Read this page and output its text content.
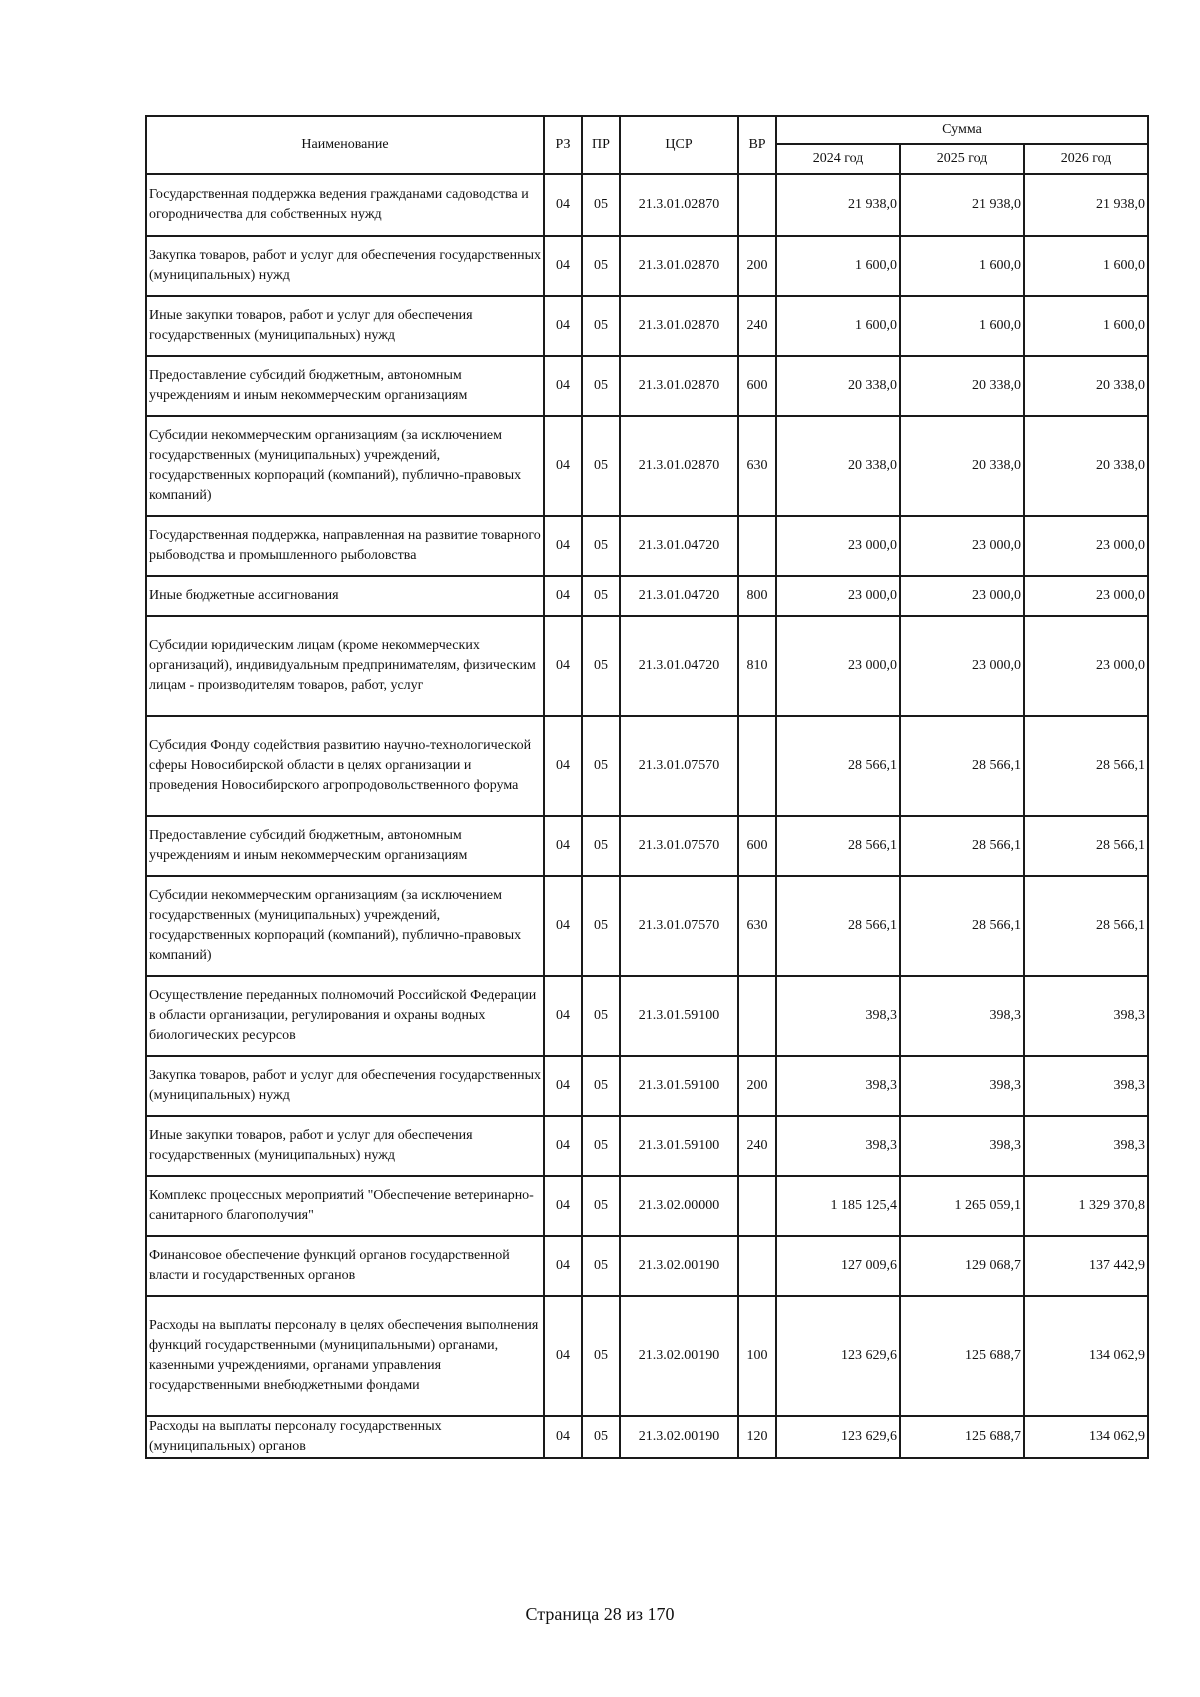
Наименование	РЗ	ПР	ЦСР	ВР	Сумма		
					2024 год	2025 год	2026 год
Государственная поддержка ведения гражданами садоводства и огородничества для собственных нужд	04	05	21.3.01.02870		21 938,0	21 938,0	21 938,0
Закупка товаров, работ и услуг для обеспечения государственных (муниципальных) нужд	04	05	21.3.01.02870	200	1 600,0	1 600,0	1 600,0
Иные закупки товаров, работ и услуг для обеспечения государственных (муниципальных) нужд	04	05	21.3.01.02870	240	1 600,0	1 600,0	1 600,0
Предоставление субсидий бюджетным, автономным учреждениям и иным некоммерческим организациям	04	05	21.3.01.02870	600	20 338,0	20 338,0	20 338,0
Субсидии некоммерческим организациям (за исключением государственных (муниципальных) учреждений, государственных корпораций (компаний), публично-правовых компаний)	04	05	21.3.01.02870	630	20 338,0	20 338,0	20 338,0
Государственная поддержка, направленная на развитие товарного рыбоводства и промышленного рыболовства	04	05	21.3.01.04720		23 000,0	23 000,0	23 000,0
Иные бюджетные ассигнования	04	05	21.3.01.04720	800	23 000,0	23 000,0	23 000,0
Субсидии юридическим лицам (кроме некоммерческих организаций), индивидуальным предпринимателям, физическим лицам - производителям товаров, работ, услуг	04	05	21.3.01.04720	810	23 000,0	23 000,0	23 000,0
Субсидия Фонду содействия развитию научно-технологической сферы Новосибирской области в целях организации и проведения Новосибирского агропродовольственного форума	04	05	21.3.01.07570		28 566,1	28 566,1	28 566,1
Предоставление субсидий бюджетным, автономным учреждениям и иным некоммерческим организациям	04	05	21.3.01.07570	600	28 566,1	28 566,1	28 566,1
Субсидии некоммерческим организациям (за исключением государственных (муниципальных) учреждений, государственных корпораций (компаний), публично-правовых компаний)	04	05	21.3.01.07570	630	28 566,1	28 566,1	28 566,1
Осуществление переданных полномочий Российской Федерации в области организации, регулирования и охраны водных биологических ресурсов	04	05	21.3.01.59100		398,3	398,3	398,3
Закупка товаров, работ и услуг для обеспечения государственных (муниципальных) нужд	04	05	21.3.01.59100	200	398,3	398,3	398,3
Иные закупки товаров, работ и услуг для обеспечения государственных (муниципальных) нужд	04	05	21.3.01.59100	240	398,3	398,3	398,3
Комплекс процессных мероприятий "Обеспечение ветеринарно-санитарного благополучия"	04	05	21.3.02.00000		1 185 125,4	1 265 059,1	1 329 370,8
Финансовое обеспечение функций органов государственной власти и государственных органов	04	05	21.3.02.00190		127 009,6	129 068,7	137 442,9
Расходы на выплаты персоналу в целях обеспечения выполнения функций государственными (муниципальными) органами, казенными учреждениями, органами управления государственными внебюджетными фондами	04	05	21.3.02.00190	100	123 629,6	125 688,7	134 062,9
Расходы на выплаты персоналу государственных (муниципальных) органов	04	05	21.3.02.00190	120	123 629,6	125 688,7	134 062,9
Страница 28 из 170
